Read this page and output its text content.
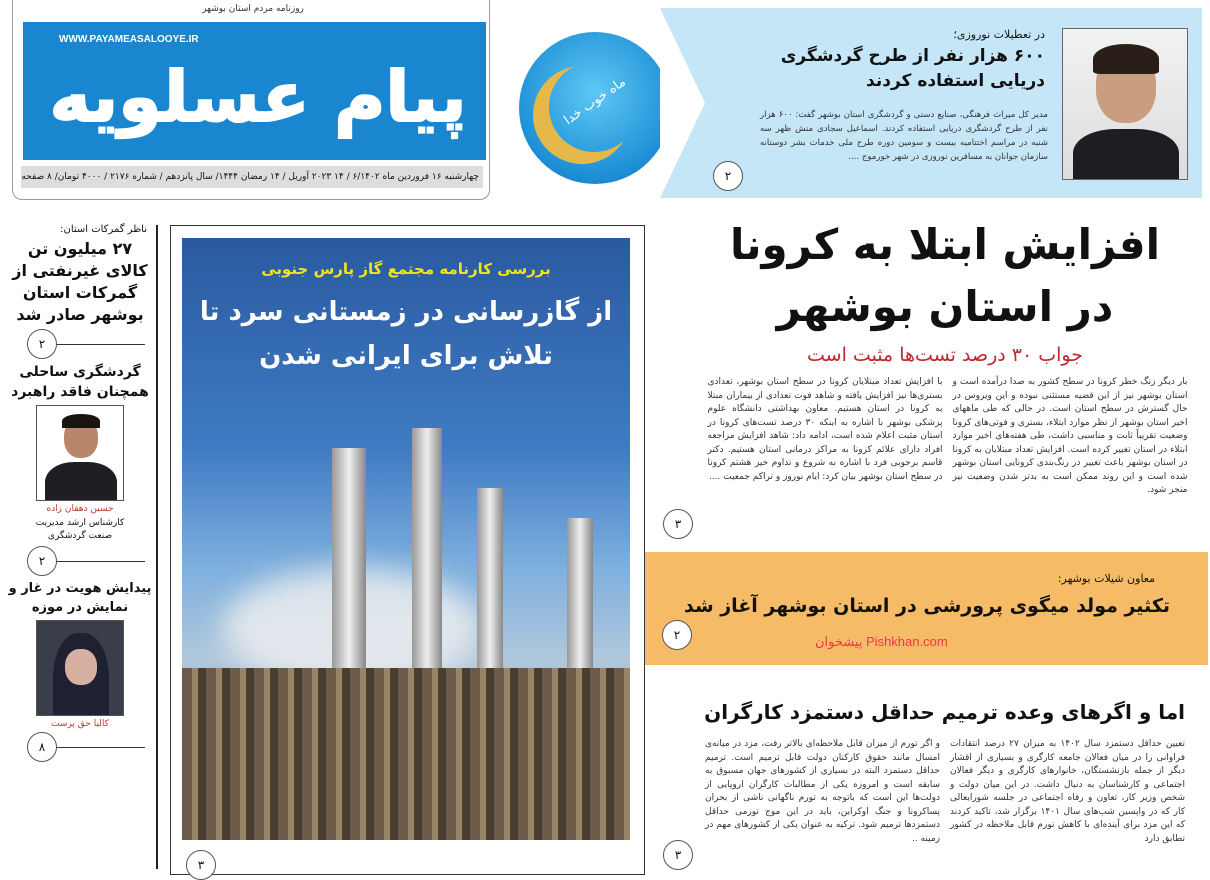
روزنامه مردم استان بوشهر
WWW.PAYAMEASALOOYE.IR
پیام عسلویه
چهارشنبه ۱۶ فروردین ماه ۶/۱۴۰۲ / ۱۴ ۲۰۲۳ آوریل / ۱۴ رمضان ۱۴۴۴/ سال پانزدهم / شماره ۲۱۷۶ / ۴۰۰۰ تومان/ ۸ صفحه
ماه خوب خدا
در تعطیلات نوروزی؛
۶۰۰ هزار نفر از طرح گردشگری دریایی استفاده کردند
مدیر کل میراث فرهنگی، صنایع دستی و گردشگری استان بوشهر گفت: ۶۰۰ هزار نفر از طرح گردشگری دریایی استفاده کردند. اسماعیل سجادی منش ظهر سه شنبه در مراسم اختتامیه بیست و سومین دوره طرح ملی خدمات بشر دوستانه سازمان جوانان به مسافرین نوروزی در شهر خورموج ....
۲
ناظر گمرکات استان:
۲۷ میلیون تن کالای غیرنفتی از گمرکات استان بوشهر صادر شد
۲
گردشگری ساحلی همچنان فاقد راهبرد
حسین دهقان زاده
کارشناس ارشد مدیریت صنعت گردشگری
۲
پیدایش هویت در غار و نمایش در موزه
کالیا حق پرست
۸
بررسی کارنامه مجتمع گاز پارس جنوبی
از گازرسانی در زمستانی سرد تا تلاش برای ایرانی شدن
۳
افزایش ابتلا به کرونا در استان بوشهر
جواب ۳۰ درصد تست‌ها مثبت است
بار دیگر زنگ خطر کرونا در سطح کشور به صدا درآمده است و استان بوشهر نیز از این قضیه مستثنی نبوده و این ویروس در حال گسترش در سطح استان است. در حالی که طی ماههای اخیر استان بوشهر از نظر موارد ابتلاء، بستری و فوتی‌های کرونا وضعیت تقریباً ثابت و مناسبی داشت، طی هفته‌های اخیر موارد ابتلاء در استان تغییر کرده است. افزایش تعداد مبتلایان به کرونا در استان بوشهر باعث تغییر در رنگ‌بندی کرونایی استان بوشهر شده است و این روند ممکن است به بدتر شدن وضعیت نیز منجر شود.
با افزایش تعداد مبتلایان کرونا در سطح استان بوشهر، تعدادی بستری‌ها نیز افزایش یافته و شاهد فوت تعدادی از بیماران مبتلا به کرونا در استان هستیم. معاون بهداشتی دانشگاه علوم پزشکی بوشهر با اشاره به اینکه ۳۰ درصد تست‌های کرونا در استان مثبت اعلام شده است، ادامه داد: شاهد افزایش مراجعه افراد دارای علائم کرونا به مراکز درمانی استان هستیم. دکتر قاسم برجویی فرد با اشاره به شروع و تداوم خیز هشتم کرونا در سطح استان بوشهر بیان کرد: ایام نوروز و تراکم جمعیت ....
۳
معاون شیلات بوشهر:
تکثیر مولد میگوی پرورشی در استان بوشهر آغاز شد
پیشخوان Pishkhan.com
۲
اما و اگرهای وعده ترمیم حداقل دستمزد کارگران
تعیین حداقل دستمزد سال ۱۴۰۲ به میزان ۲۷ درصد انتقادات فراوانی را در میان فعالان جامعه کارگری و بسیاری از اقشار دیگر از جمله بازنشستگان، خانوارهای کارگری و دیگر فعالان اجتماعی و کارشناسان به دنبال داشت. در این میان دولت و شخص وزیر کار، تعاون و رفاه اجتماعی در جلسه شورایعالی کار که در واپسین شب‌های سال ۱۴۰۱ برگزار شد، تاکید کردند که این مزد برای آینده‌ای با کاهش تورم قابل ملاحظه در کشور تطابق دارد
و اگر تورم از میزان قابل ملاحظه‌ای بالاتر رفت، مزد در میانه‌ی امسال مانند حقوق کارکنان دولت قابل ترمیم است. ترمیم حداقل دستمزد البته در بسیاری از کشورهای جهان مسبوق به سابقه است و امروزه یکی از مطالبات کارگران اروپایی از دولت‌ها این است که باتوجه به تورم ناگهانی ناشی از بحران پساکرونا و جنگ اوکراین، باید در این موج تورمی حداقل دستمزدها ترمیم شود. ترکیه به عنوان یکی از کشورهای مهم در زمینه ..
۳
